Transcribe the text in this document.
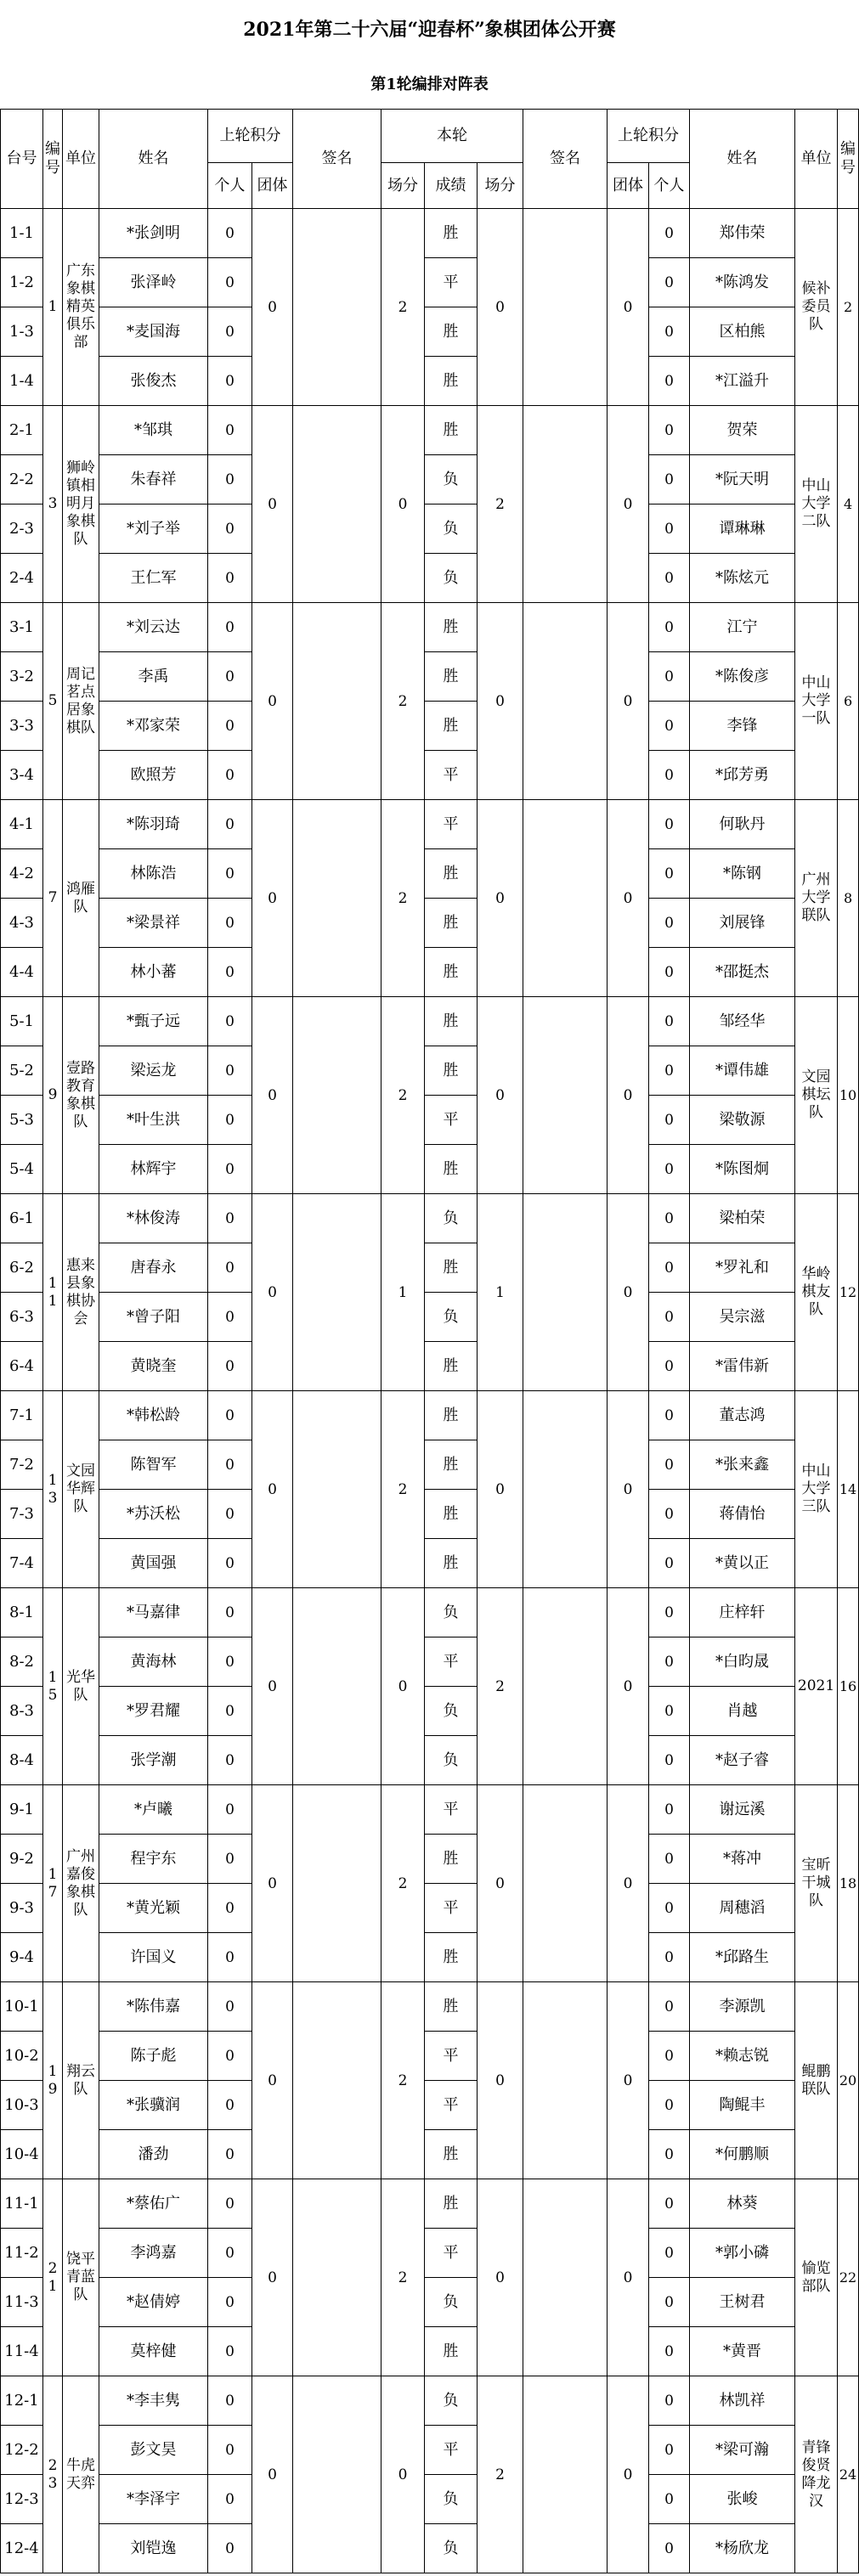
2021年第二十六届“迎春杯”象棋团体公开赛
第1轮编排对阵表
台号	编号	单位	姓名	上轮积分		签名	本轮			签名	上轮积分		姓名	单位	编号
				个人	团体		场分	成绩	场分		团体	个人			
1-1	1	广东象棋精英俱乐部	*张剑明	0	0		2	胜	0		0	0	郑伟荣	候补委员队	2
1-2			张泽岭	0				平				0	*陈鸿发		
1-3			*麦国海	0				胜				0	区柏熊		
1-4			张俊杰	0				胜				0	*江溢升		
2-1	3	狮岭镇相明月象棋队	*邹琪	0	0		0	胜	2		0	0	贺荣	中山大学二队	4
2-2			朱春祥	0				负				0	*阮天明		
2-3			*刘子举	0				负				0	谭琳琳		
2-4			王仁军	0				负				0	*陈炫元		
3-1	5	周记茗点居象棋队	*刘云达	0	0		2	胜	0		0	0	江宁	中山大学一队	6
3-2			李禹	0				胜				0	*陈俊彦		
3-3			*邓家荣	0				胜				0	李锋		
3-4			欧照芳	0				平				0	*邱芳勇		
4-1	7	鸿雁队	*陈羽琦	0	0		2	平	0		0	0	何耿丹	广州大学联队	8
4-2			林陈浩	0				胜				0	*陈钢		
4-3			*梁景祥	0				胜				0	刘展锋		
4-4			林小蕃	0				胜				0	*邵挺杰		
5-1	9	壹路教育象棋队	*甄子远	0	0		2	胜	0		0	0	邹经华	文园棋坛队	10
5-2			梁运龙	0				胜				0	*谭伟雄		
5-3			*叶生洪	0				平				0	梁敬源		
5-4			林辉宇	0				胜				0	*陈图炯		
6-1	11	惠来县象棋协会	*林俊涛	0	0		1	负	1		0	0	梁柏荣	华岭棋友队	12
6-2			唐春永	0				胜				0	*罗礼和		
6-3			*曾子阳	0				负				0	吴宗滋		
6-4			黄晓奎	0				胜				0	*雷伟新		
7-1	13	文园华辉队	*韩松龄	0	0		2	胜	0		0	0	董志鸿	中山大学三队	14
7-2			陈智军	0				胜				0	*张来鑫		
7-3			*苏沃松	0				胜				0	蒋倩怡		
7-4			黄国强	0				胜				0	*黄以正		
8-1	15	光华队	*马嘉律	0	0		0	负	2		0	0	庄梓轩	2021	16
8-2			黄海林	0				平				0	*白昀晟		
8-3			*罗君耀	0				负				0	肖越		
8-4			张学潮	0				负				0	*赵子睿		
9-1	17	广州嘉俊象棋队	*卢曦	0	0		2	平	0		0	0	谢远溪	宝昕干城队	18
9-2			程宇东	0				胜				0	*蒋冲		
9-3			*黄光颖	0				平				0	周穗滔		
9-4			许国义	0				胜				0	*邱路生		
10-1	19	翔云队	*陈伟嘉	0	0		2	胜	0		0	0	李源凯	鲲鹏联队	20
10-2			陈子彪	0				平				0	*赖志锐		
10-3			*张骥润	0				平				0	陶鲲丰		
10-4			潘劲	0				胜				0	*何鹏顺		
11-1	21	饶平青蓝队	*蔡佑广	0	0		2	胜	0		0	0	林葵	愉览部队	22
11-2			李鸿嘉	0				平				0	*郭小磷		
11-3			*赵倩婷	0				负				0	王树君		
11-4			莫梓健	0				胜				0	*黄晋		
12-1	23	牛虎天弈	*李丰隽	0	0		0	负	2		0	0	林凯祥	青锋俊贤降龙汉	24
12-2			彭文昊	0				平				0	*梁可瀚		
12-3			*李泽宇	0				负				0	张峻		
12-4			刘铠逸	0				负				0	*杨欣龙		
